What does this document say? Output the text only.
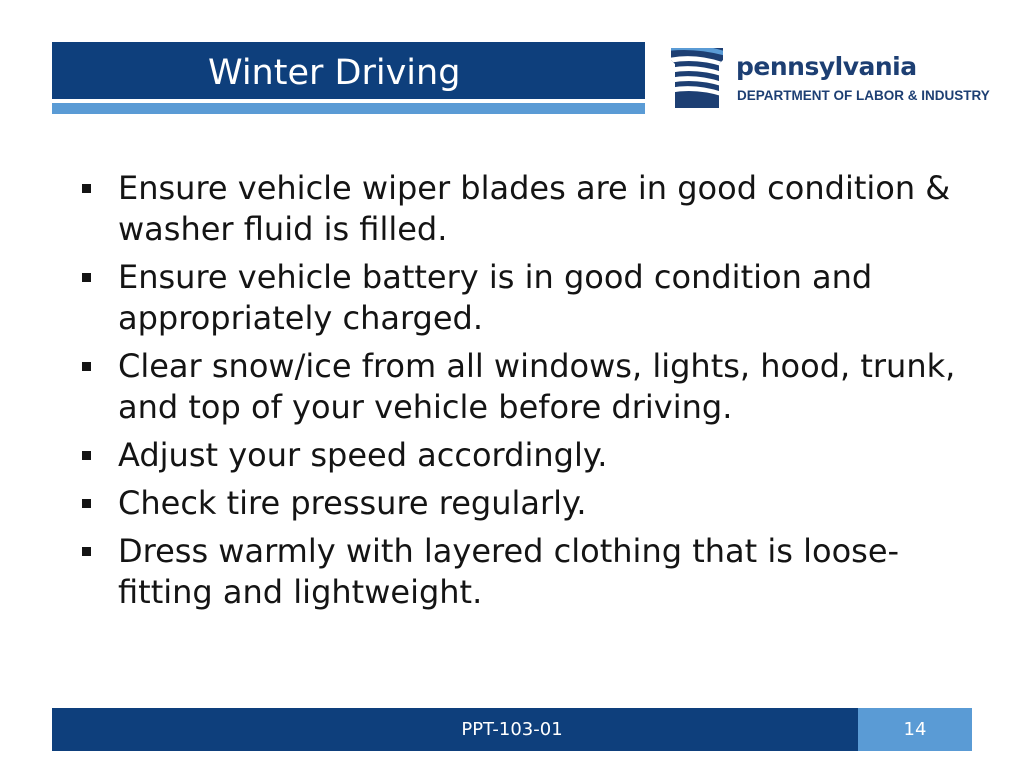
Winter Driving	pennsylvania
DEPARTMENT OF LABOR & INDUSTRY
Ensure vehicle wiper blades are in good condition & washer fluid is filled.
Ensure vehicle battery is in good condition and appropriately charged.
Clear snow/ice from all windows, lights, hood, trunk, and top of your vehicle before driving.
Adjust your speed accordingly.
Check tire pressure regularly.
Dress warmly with layered clothing that is loose-fitting and lightweight.
PPT-103-01	14
